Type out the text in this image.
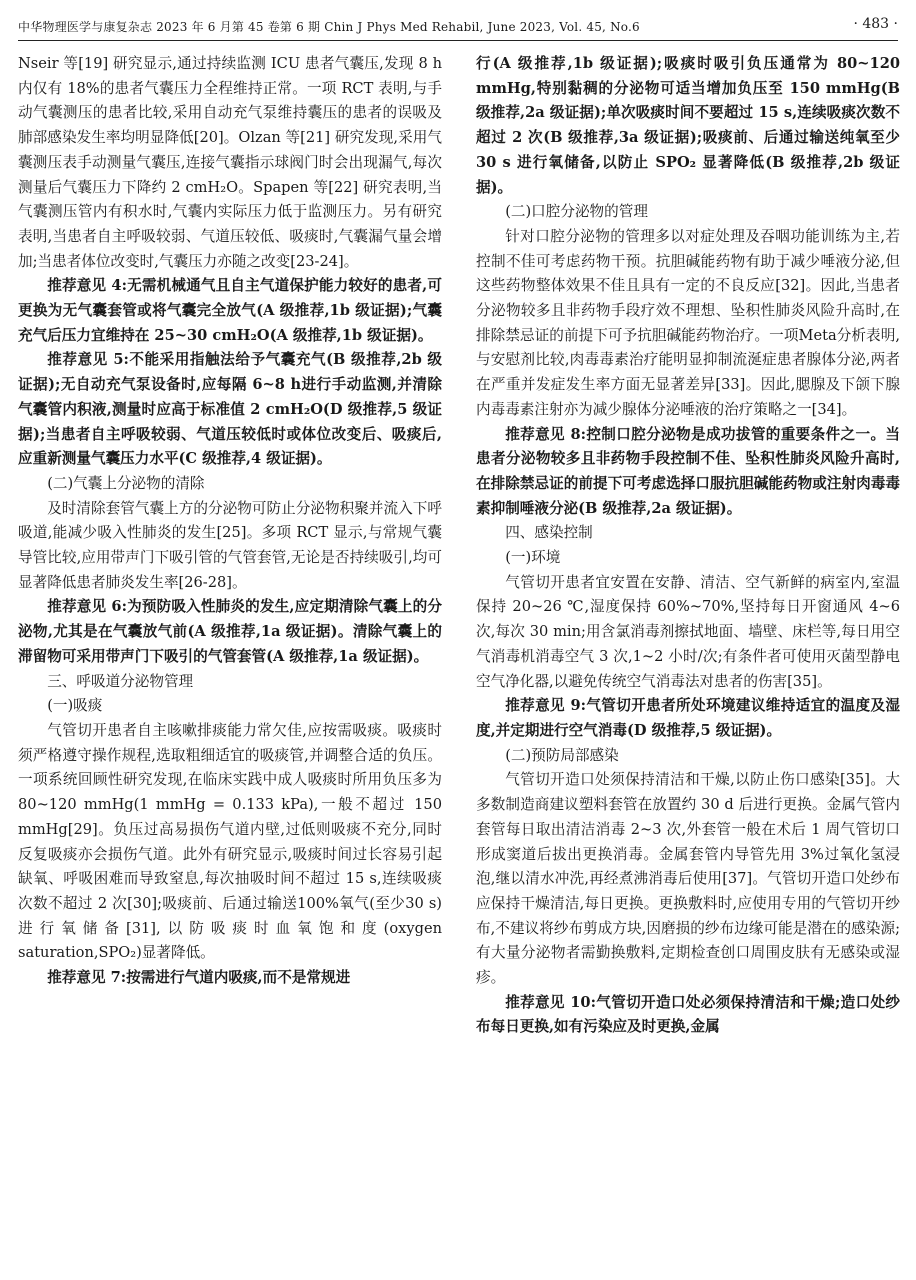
中华物理医学与康复杂志 2023 年 6 月第 45 卷第 6 期 Chin J Phys Med Rehabil, June 2023, Vol. 45, No.6	· 483 ·

Nseir 等[19] 研究显示,通过持续监测 ICU 患者气囊压,发现 8 h 内仅有 18%的患者气囊压力全程维持正常。一项 RCT 表明,与手动气囊测压的患者比较,采用自动充气泵维持囊压的患者的误吸及肺部感染发生率均明显降低[20]。Olzan 等[21] 研究发现,采用气囊测压表手动测量气囊压,连接气囊指示球阀门时会出现漏气,每次测量后气囊压力下降约 2 cmH₂O。Spapen 等[22] 研究表明,当气囊测压管内有积水时,气囊内实际压力低于监测压力。另有研究表明,当患者自主呼吸较弱、气道压较低、吸痰时,气囊漏气量会增加;当患者体位改变时,气囊压力亦随之改变[23-24]。

推荐意见 4:无需机械通气且自主气道保护能力较好的患者,可更换为无气囊套管或将气囊完全放气(A 级推荐,1b 级证据);气囊充气后压力宜维持在 25~30 cmH₂O(A 级推荐,1b 级证据)。

推荐意见 5:不能采用指触法给予气囊充气(B 级推荐,2b 级证据);无自动充气泵设备时,应每隔 6~8 h进行手动监测,并清除气囊管内积液,测量时应高于标准值 2 cmH₂O(D 级推荐,5 级证据);当患者自主呼吸较弱、气道压较低时或体位改变后、吸痰后,应重新测量气囊压力水平(C 级推荐,4 级证据)。

(二)气囊上分泌物的清除

及时清除套管气囊上方的分泌物可防止分泌物积聚并流入下呼吸道,能减少吸入性肺炎的发生[25]。多项 RCT 显示,与常规气囊导管比较,应用带声门下吸引管的气管套管,无论是否持续吸引,均可显著降低患者肺炎发生率[26-28]。

推荐意见 6:为预防吸入性肺炎的发生,应定期清除气囊上的分泌物,尤其是在气囊放气前(A 级推荐,1a 级证据)。清除气囊上的滞留物可采用带声门下吸引的气管套管(A 级推荐,1a 级证据)。

三、呼吸道分泌物管理

(一)吸痰

气管切开患者自主咳嗽排痰能力常欠佳,应按需吸痰。吸痰时须严格遵守操作规程,选取粗细适宜的吸痰管,并调整合适的负压。一项系统回顾性研究发现,在临床实践中成人吸痰时所用负压多为 80~120 mmHg(1 mmHg = 0.133 kPa),一般不超过 150 mmHg[29]。负压过高易损伤气道内壁,过低则吸痰不充分,同时反复吸痰亦会损伤气道。此外有研究显示,吸痰时间过长容易引起缺氧、呼吸困难而导致窒息,每次抽吸时间不超过 15 s,连续吸痰次数不超过 2 次[30];吸痰前、后通过输送100%氧气(至少30 s)进行氧储备[31],以防吸痰时血氧饱和度(oxygen saturation,SPO₂)显著降低。

推荐意见 7:按需进行气道内吸痰,而不是常规进

行(A 级推荐,1b 级证据);吸痰时吸引负压通常为 80~120 mmHg,特别黏稠的分泌物可适当增加负压至 150 mmHg(B 级推荐,2a 级证据);单次吸痰时间不要超过 15 s,连续吸痰次数不超过 2 次(B 级推荐,3a 级证据);吸痰前、后通过输送纯氧至少 30 s 进行氧储备,以防止 SPO₂ 显著降低(B 级推荐,2b 级证据)。

(二)口腔分泌物的管理

针对口腔分泌物的管理多以对症处理及吞咽功能训练为主,若控制不佳可考虑药物干预。抗胆碱能药物有助于减少唾液分泌,但这些药物整体效果不佳且具有一定的不良反应[32]。因此,当患者分泌物较多且非药物手段疗效不理想、坠积性肺炎风险升高时,在排除禁忌证的前提下可予抗胆碱能药物治疗。一项Meta分析表明,与安慰剂比较,肉毒毒素治疗能明显抑制流涎症患者腺体分泌,两者在严重并发症发生率方面无显著差异[33]。因此,腮腺及下颌下腺内毒毒素注射亦为减少腺体分泌唾液的治疗策略之一[34]。

推荐意见 8:控制口腔分泌物是成功拔管的重要条件之一。当患者分泌物较多且非药物手段控制不佳、坠积性肺炎风险升高时,在排除禁忌证的前提下可考虑选择口服抗胆碱能药物或注射肉毒毒素抑制唾液分泌(B 级推荐,2a 级证据)。

四、感染控制

(一)环境

气管切开患者宜安置在安静、清洁、空气新鲜的病室内,室温保持 20~26 ℃,湿度保持 60%~70%,坚持每日开窗通风 4~6 次,每次 30 min;用含氯消毒剂擦拭地面、墙壁、床栏等,每日用空气消毒机消毒空气 3 次,1~2 小时/次;有条件者可使用灭菌型静电空气净化器,以避免传统空气消毒法对患者的伤害[35]。

推荐意见 9:气管切开患者所处环境建议维持适宜的温度及湿度,并定期进行空气消毒(D 级推荐,5 级证据)。

(二)预防局部感染

气管切开造口处须保持清洁和干燥,以防止伤口感染[35]。大多数制造商建议塑料套管在放置约 30 d 后进行更换。金属气管内套管每日取出清洁消毒 2~3 次,外套管一般在术后 1 周气管切口形成窦道后拔出更换消毒。金属套管内导管先用 3%过氧化氢浸泡,继以清水冲洗,再经煮沸消毒后使用[37]。气管切开造口处纱布应保持干燥清洁,每日更换。更换敷料时,应使用专用的气管切开纱布,不建议将纱布剪成方块,因磨损的纱布边缘可能是潜在的感染源;有大量分泌物者需勤换敷料,定期检查创口周围皮肤有无感染或湿疹。

推荐意见 10:气管切开造口处必须保持清洁和干燥;造口处纱布每日更换,如有污染应及时更换,金属
